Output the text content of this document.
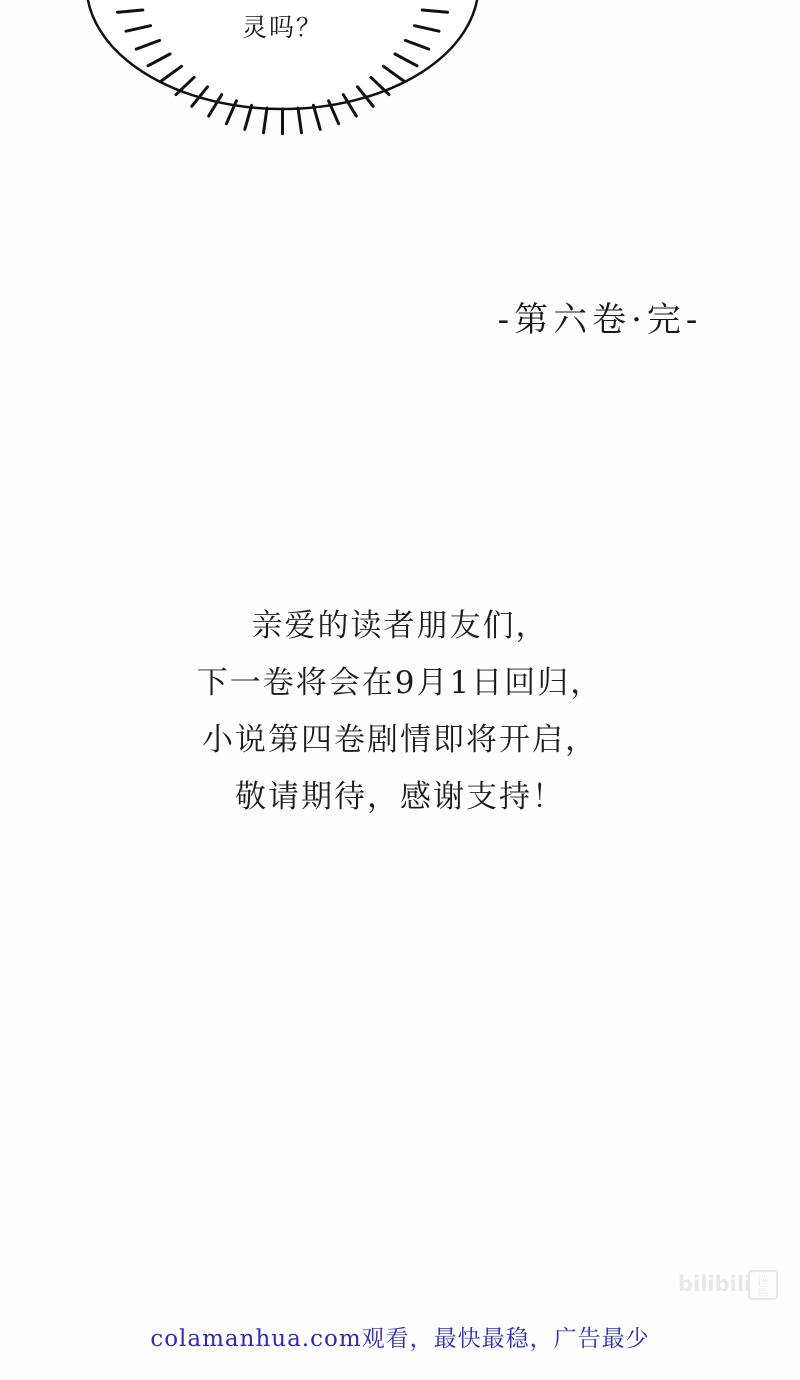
灵吗？
-第六卷·完-
亲爱的读者朋友们，
下一卷将会在9月1日回归，
小说第四卷剧情即将开启，
敬请期待，感谢支持！
bilibili 漫
画
colamanhua.com观看，最快最稳，广告最少
